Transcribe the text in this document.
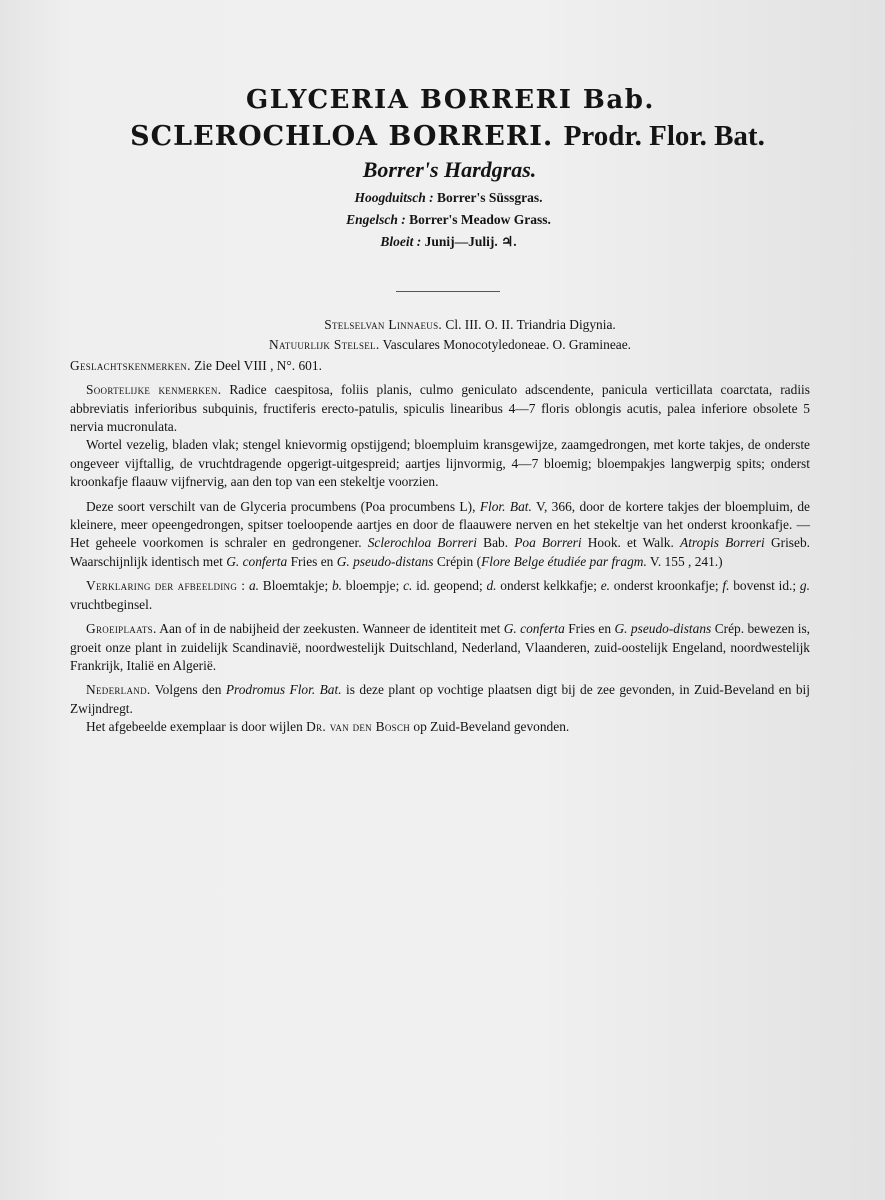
GLYCERIA BORRERI Bab.
SCLEROCHLOA BORRERI. Prodr. Flor. Bat.
Borrer's Hardgras.
Hoogduitsch : Borrer's Süssgras.
Engelsch : Borrer's Meadow Grass.
Bloeit : Junij—Julij. ♃.
Stelselvan Linnaeus. Cl. III. O. II. Triandria Digynia.
Natuurlijk Stelsel. Vasculares Monocotyledoneae. O. Gramineae.

Geslachtskenmerken. Zie Deel VIII , N°. 601.

Soortelijke kenmerken. Radice caespitosa, foliis planis, culmo geniculato adscendente, panicula verticillata coarctata, radiis abbreviatis inferioribus subquinis, fructiferis erecto-patulis, spiculis linearibus 4—7 floris oblongis acutis, palea inferiore obsolete 5 nervia mucronulata.

Wortel vezelig, bladen vlak; stengel knievormig opstijgend; bloempluim kransgewijze, zaamgedrongen, met korte takjes, de onderste ongeveer vijftallig, de vruchtdragende opgerigt-uitgespreid; aartjes lijnvormig, 4—7 bloemig; bloempakjes langwerpig spits; onderst kroonkafje flaauw vijfnervig, aan den top van een stekeltje voorzien.

Deze soort verschilt van de Glyceria procumbens (Poa procumbens L), Flor. Bat. V, 366, door de kortere takjes der bloempluim, de kleinere, meer opeengedrongen, spitser toeloopende aartjes en door de flaauwere nerven en het stekeltje van het onderst kroonkafje. — Het geheele voorkomen is schraler en gedrongener. Sclerochloa Borreri Bab. Poa Borreri Hook. et Walk. Atropis Borreri Griseb. Waarschijnlijk identisch met G. conferta Fries en G. pseudo-distans Crépin (Flore Belge étudiée par fragm. V. 155 , 241.)

Verklaring der afbeelding : a. Bloemtakje; b. bloempje; c. id. geopend; d. onderst kelkkafje; e. onderst kroonkafje; f. bovenst id.; g. vruchtbeginsel.

Groeiplaats. Aan of in de nabijheid der zeekusten. Wanneer de identiteit met G. conferta Fries en G. pseudo-distans Crép. bewezen is, groeit onze plant in zuidelijk Scandinavië, noordwestelijk Duitschland, Nederland, Vlaanderen, zuid-oostelijk Engeland, noordwestelijk Frankrijk, Italië en Algerië.

Nederland. Volgens den Prodromus Flor. Bat. is deze plant op vochtige plaatsen digt bij de zee gevonden, in Zuid-Beveland en bij Zwijndregt.

Het afgebeelde exemplaar is door wijlen Dr. van den Bosch op Zuid-Beveland gevonden.
